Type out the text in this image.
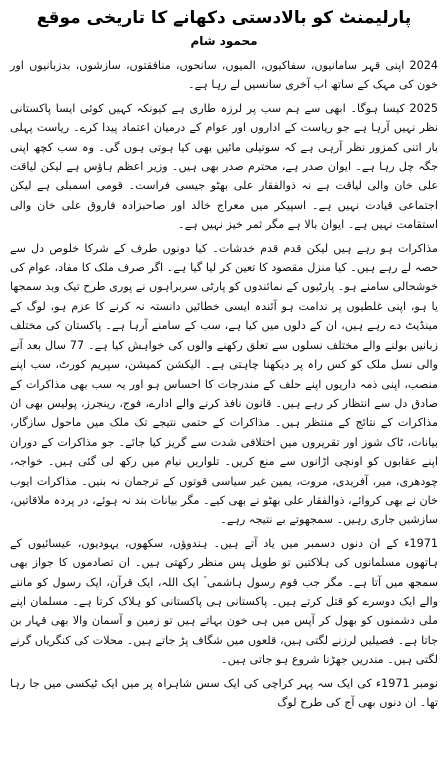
پارلیمنٹ کو بالادستی دکھانے کا تاریخی موقع
محمود شام

2024 اپنی قہر سامانیوں، سفاکیوں، المیوں، سانحوں، منافقتوں، سازشوں، بدزبانیوں اور خون کی مہک کے ساتھ اب آخری سانسیں لے رہا ہے۔

2025 کیسا ہوگا۔ ابھی سے ہم سب پر لرزہ طاری ہے کیونکہ کہیں کوئی ایسا پاکستانی نظر نہیں آرہا ہے جو ریاست کے اداروں اور عوام کے درمیان اعتماد پیدا کرے۔ ریاست پہلی بار اتنی کمزور نظر آرہی ہے کہ سوتیلی مائیں بھی کیا ہوتی ہوں گی۔ وہ سب کچھ اپنی جگہ چل رہا ہے۔ ایوان صدر ہے، محترم صدر بھی ہیں۔ وزیر اعظم ہاؤس ہے لیکن لیاقت علی خان والی لیاقت ہے نہ ذوالفقار علی بھٹو جیسی فراست۔ قومی اسمبلی ہے لیکن اجتماعی قیادت نہیں ہے۔ اسپیکر میں معراج خالد اور صاحبزادہ فاروق علی خان والی استقامت نہیں ہے۔ ایوان بالا ہے مگر ثمر خیز نہیں ہے۔

مذاکرات ہو رہے ہیں لیکن قدم قدم خدشات۔ کیا دونوں طرف کے شرکا خلوص دل سے حصہ لے رہے ہیں۔ کیا منزل مقصود کا تعین کر لیا گیا ہے۔ اگر صرف ملک کا مفاد، عوام کی خوشحالی سامنے ہو۔ پارٹیوں کے نمائندوں کو پارٹی سربراہوں نے پوری طرح تیک وبد سمجھا یا ہو، اپنی غلطیوں پر ندامت ہو آئندہ ایسی خطائیں دانستہ نہ کرنے کا عزم ہو، لوگ کے مینڈیٹ دے رہے ہیں، ان کے دلوں میں کیا ہے، سب کے سامنے آرہا ہے۔ پاکستان کی مختلف زبانیں بولنے والے مختلف نسلوں سے تعلق رکھنے والوں کی خواہش کیا ہے۔ 77 سال بعد آنے والی نسل ملک کو کس راہ پر دیکھنا چاہتی ہے۔ الیکشن کمیشن، سپریم کورٹ، سب اپنے منصب، اپنی ذمہ داریوں اپنے حلف کے مندرجات کا احساس ہو اور یہ سب بھی مذاکرات کے صادق دل سے انتظار کر رہے ہیں۔ قانون نافذ کرنے والے ادارے، فوج، رینجرز، پولیس بھی ان مذاکرات کے نتائج کے منتظر ہیں۔ مذاکرات کے حتمی نتیجے تک ملک میں ماحول سازگار، بیانات، ٹاک شوز اور تقریروں میں اختلافی شدت سے گریز کیا جائے۔ جو مذاکرات کے دوران اپنے عقابوں کو اونچی اڑانوں سے منع کریں۔ تلواریں نیام میں رکھ لی گئی ہیں۔ خواجہ، چودھری، میر، آفریدی، مروت، یمین غیر سیاسی قوتوں کے ترجمان نہ بنیں۔ مذاکرات ایوب خان نے بھی کروائے، ذوالفقار علی بھٹو نے بھی کیے۔ مگر بیانات بند نہ ہوئے، در پردہ ملاقاتیں، سازشیں جاری رہیں۔ سمجھوتے بے نتیجہ رہے۔

1971ء کے ان دنوں دسمبر میں یاد آتے ہیں۔ ہندوؤں، سکھوں، یہودیوں، عیسائیوں کے ہاتھوں مسلمانوں کی ہلاکتیں تو طویل پس منظر رکھتی ہیں۔ ان تصادموں کا جواز بھی سمجھ میں آتا ہے۔ مگر جب قوم رسول ہاشمی ؐ ایک اللہ، ایک قرآن، ایک رسول کو ماننے والے ایک دوسرے کو قتل کرتے ہیں۔ پاکستانی ہی پاکستانی کو ہلاک کرتا ہے۔ مسلمان اپنے ملی دشمنوں کو بھول کر آپس میں ہی خون بہاتے ہیں تو زمین و آسمان والا بھی قہار بن جاتا ہے۔ فصیلیں لرزنے لگتی ہیں، قلعوں میں شگاف پڑ جاتے ہیں۔ محلات کی کنگریاں گرنے لگتی ہیں۔ مندریں جھڑنا شروع ہو جاتی ہیں۔

نومبر 1971ء کی ایک سہ پہر کراچی کی ایک سس شاہراہ پر میں ایک ٹیکسی میں جا رہا تھا۔ ان دنوں بھی آج کی طرح لوگ
